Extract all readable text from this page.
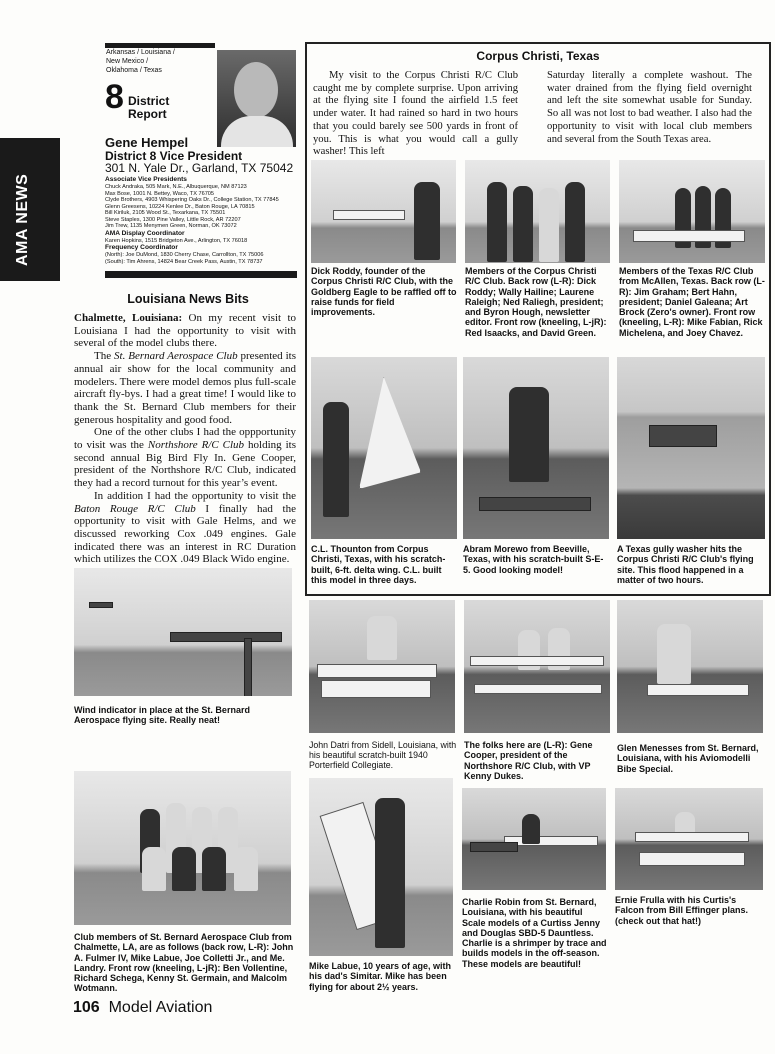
AMA NEWS
Arkansas / Louisiana /
New Mexico /
Oklahoma / Texas
8 District
Report
Gene Hempel
District 8 Vice President
301 N. Yale Dr., Garland, TX 75042
Associate Vice Presidents
Chuck Andraka, 505 Mark, N.E., Albuquerque, NM 87123
Max Bose, 1001 N. Bettey, Waco, TX 76705
Clyde Brothers, 4903 Whispering Oaks Dr., College Station, TX 77845
Glenn Greesens, 10224 Kenlee Dr., Baton Rouge, LA 70815
Bill Kiriluk, 2105 Wood St., Texarkana, TX 75501
Steve Staples, 1300 Pine Valley, Little Rock, AR 72207
Jim Trew, 1135 Menymen Green, Norman, OK 73072
AMA Display Coordinator
Karen Hopkins, 1515 Bridgeton Ave., Arlington, TX 76018
Frequency Coordinator
(North): Joe DuMond, 1830 Cherry Chase, Carrollton, TX 75006
(South): Tim Ahrens, 14824 Bear Creek Pass, Austin, TX 78737
Louisiana News Bits

Chalmette, Louisiana: On my recent visit to Louisiana I had the opportunity to visit with several of the model clubs there.

The St. Bernard Aerospace Club presented its annual air show for the local community and modelers. There were model demos plus full-scale aircraft fly-bys. I had a great time! I would like to thank the St. Bernard Club members for their generous hospitality and good food.

One of the other clubs I had the oppportunity to visit was the Northshore R/C Club holding its second annual Big Bird Fly In. Gene Cooper, president of the Northshore R/C Club, indicated they had a record turnout for this year’s event.

In addition I had the opportunity to visit the Baton Rouge R/C Club I finally had the opportunity to visit with Gale Helms, and we discussed reworking Cox .049 engines. Gale indicated there was an interest in RC Duration which utilizes the COX .049 Black Wido engine.

Corpus Christi, Texas

My visit to the Corpus Christi R/C Club caught me by complete surprise. Upon arriving at the flying site I found the airfield 1.5 feet under water. It had rained so hard in two hours that you could barely see 500 yards in front of you. This is what you would call a gully washer! This left

Saturday literally a complete washout. The water drained from the flying field overnight and left the site somewhat usable for Sunday. So all was not lost to bad weather. I also had the opportunity to visit with local club members and several from the South Texas area.
Dick Roddy, founder of the Corpus Christi R/C Club, with the Goldberg Eagle to be raffled off to raise funds for field improvements.
Members of the Corpus Christi R/C Club. Back row (L-R): Dick Roddy; Wally Hailine; Laurene Raleigh; Ned Raliegh, president; and Byron Hough, newsletter editor. Front row (kneeling, L-jR): Red Isaacks, and David Green.
Members of the Texas R/C Club from McAllen, Texas. Back row (L-R): Jim Graham; Bert Hahn, president; Daniel Galeana; Art Brock (Zero's owner). Front row (kneeling, L-R): Mike Fabian, Rick Michelena, and Joey Chavez.
C.L. Thounton from Corpus Christi, Texas, with his scratch-built, 6-ft. delta wing. C.L. built this model in three days.
Abram Morewo from Beeville, Texas, with his scratch-built S-E-5. Good looking model!
A Texas gully washer hits the Corpus Christi R/C Club's flying site. This flood happened in a matter of two hours.
Wind indicator in place at the St. Bernard Aerospace flying site. Really neat!
Club members of St. Bernard Aerospace Club from Chalmette, LA, are as follows (back row, L-R): John A. Fulmer IV, Mike Labue, Joe Colletti Jr., and Me. Landry. Front row (kneeling, L-jR): Ben Vollentine, Richard Schega, Kenny St. Germain, and Malcolm Wotmann.
John Datri from Sidell, Louisiana, with his beautiful scratch-built 1940 Porterfield Collegiate.
The folks here are (L-R): Gene Cooper, president of the Northshore R/C Club, with VP Kenny Dukes.
Glen Menesses from St. Bernard, Louisiana, with his Aviomodelli Bibe Special.
Mike Labue, 10 years of age, with his dad's Simitar. Mike has been flying for about 2½ years.
Charlie Robin from St. Bernard, Louisiana, with his beautiful Scale models of a Curtiss Jenny and Douglas SBD-5 Dauntless. Charlie is a shrimper by trace and builds models in the off-season. These models are beautiful!
Ernie Frulla with his Curtis's Falcon from Bill Effinger plans. (check out that hat!)
106 Model Aviation
